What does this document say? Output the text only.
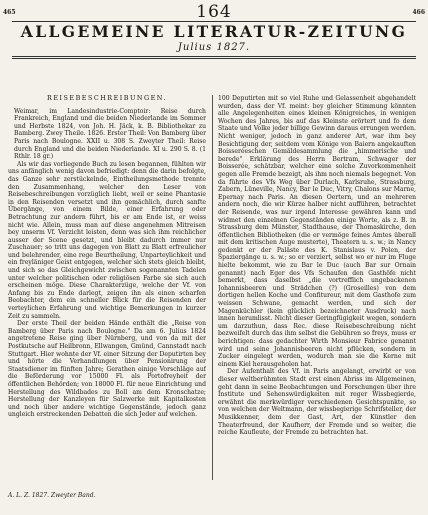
465	164	466
ALLGEMEINE LITERATUR-ZEITUNG
Julius 1827.
REISEBESCHREIBUNGEN.

Weimar, im Landesindustrie-Comptoir: Reise durch Frankreich, England und die beiden Niederlande im Sommer und Herbste 1824, von Joh. H. Jäck, k. B. Bibliothekar zu Bamberg. Zwey Theile. 1826. Erster Theil: Von Bamberg über Paris nach Boulogne. XXII u. 308 S. Zweyter Theil: Reise durch England und die beiden Niederlande. XI u. 290 S. 8. (1 Rthlr. 18 gr.)

Als wir das vorliegende Buch zu lesen begannen, fühlten wir uns anfänglich wenig davon befriedigt: denn die darin befolgte, das Ganze sehr zerstückelnde, Eintheilungsmethode trennte den Zusammenhang, welcher den Leser von Reisebeschreibungen vorzüglich liebt, weil er seine Phantasie in den Reisenden versetzt und ihn gemächlich, durch sanfte Übergänge, von einem Bilde, einer Erfahrung oder Betrachtung zur andern führt, bis er am Ende ist, er weiss nicht wie. Allein, muss man auf diese angenehmen Mitreisen bey unserm Vf. Verzicht leisten, denn was sich ihm reichlicher ausser der Scene gesetzt, und bleibt dadurch immer nur Zuschauer; so tritt uns dagegen von Blatt zu Blatt erfreulicher und belehrender, eine rege Beurtheilung, Unparteylichkeit und ein freyläniger Geist entgegen, welcher sich stets gleich bleibt, und sich so das Gleichgewicht zwischen sogenannten Tadelen unter welcher politischen oder religiösen Farbe sie sich auch erscheinen möge. Diese Charakterzüge, welche der Vf. von Anfang bis zu Ende darlegt, zeigen ihn als einen scharfen Beobachter, dem ein schneller Blick für die Reisenden der verteylichen Erfahrung und wichtige Bemerkungen in kurzer Zeit zu sammeln.

Der erste Theil der beiden Hände enthält die „Reise von Bamberg über Paris nach Boulogne." Da am 6. Julius 1824 angetretene Reise ging über Nürnberg, und von da mit der Postkutsche auf Heilbronn, Ellwangen, Gmünd, Cannstadt nach Stuttgart. Hier wohnte der Vf. einer Sitzung der Deputirten bey und hörte die Verhandlungen über Pensionirung der Staatsdiener im fünften Jahre; Gerathen einige Vorschläge auf die Beförderung vor 15000 Fl. als Portofreyheit der öffentlichen Behörden; von 18000 Fl. für neue Einrichtung und Herstellung des Wildbades zu Boll am dem Kronschatze; Herstellung der Kanzleyen für Salzwerke mit Kapitalkosten und noch über andere wichtige Gegenstände, jedoch ganz ungleich erstreckenden Debatten die sich Jeder auf welchen.

100 Deputirten mit so viel Ruhe und Gelassenheit abgehandelt wurden, dass der Vf. meint: bey gleicher Stimmung könnten alle Angelegenheiten eines kleinen Königreiches, in wenigen Wochen des Jahres, bis auf das Kleinste erörtert und fo dem Staate und Volke jeder billige Gewinn daraus errungen werden. Nicht weniger, jedoch in ganz anderer Art, war ihm bey Besichtigung der, seitdem vom Könige von Baiern angekauften Boisseréeschen Gemäldesammlung die „himmerische und berede" Erklärung des Herrn Bertram, Schwager der Boisserée, schätzbar, welcher eine solche Zuvorkommenheit gegen alle Fremde bezeigt, als ihm noch niemals begegnet. Von da führte des Vfs Weg über Durlach, Karlsruhe, Strassburg, Zabern, Lüneville, Nancy, Bar le Duc, Vitry, Chalons sur Marne, Epernay nach Paris. An diesen Oertern, und an mehreren andern noch, die wir Kürze halber nicht aufführen, betrachtet der Reisende, was nur irgend Interesse gewähren kann und widmet den einzelnen Gegenständen einige Worte, als z. B. in Strassburg dem Münster, Stadthause, der Thomaskirche, den öffentlichen Bibliotheken (die er vermöge feines Amtes überall mit dem kritischen Auge musterte), Theatern u. s. w.; in Nancy gedenkt er der Paläste des K. Stanislaus v. Polen, der Spaziergänge u. s. w.; so er verziert, selbst wo er nur im Fluge hielte bekommt, wie zu Bar le Duc (auch Bar sur Ornain genannt) nach Eger des Vfs Schaufen den Gasthöfe nicht bemerkt, dass daselbst „die vortrefflich ungebackenen Johannisbeeren und Strädchen (?) (Groseilles) von dem dortigen hellen Koche und Confitureur, mit dem Gasthofe zum weissen Schwane, gemacht werden, und sich der Magenküchler (kein glücklich bezeichneter Ausdruck) nach innen herumlisst. Nicht dieser Geringfügigkeit wegen, sondern um darzuthun, dass Rec. diese Reisebeschreibung nicht bezweifelt durch das ihm selbst die Gebühren so freys, muss er berichtigen: dass gedachter Wirth Monsieur Fabrice genannt wird und seine Johannisbeeren nicht pflücken, sondern in Zucker eingelegt werden, wodurch man sie die Kerne mit einem Kiel herausgeholen hat.

Der Aufenthalt des Vf. in Paris angelangt, erwirbt er von dieser weltberühmten Stadt erst einen Abriss im Allgemeinen, geht dann in seine Beobachtungen und Forschungen über ihre Institute und Sehenswürdigkeiten mit reger Wissbegierde, erwähnt die merkwürdiger verschiedenen Gesichtspunkte, so von welchen der Weltmann, der wissbegierige Schrifsteller, der Musikkenner, dem der Gast, Art, der Künstler den Theaterfreund, der Kaufherr, der Fremde und so weiter, die reiche Kaufleute, der Fremde zu betrachten hat.

A. L. Z. 1827. Zweyter Band.
